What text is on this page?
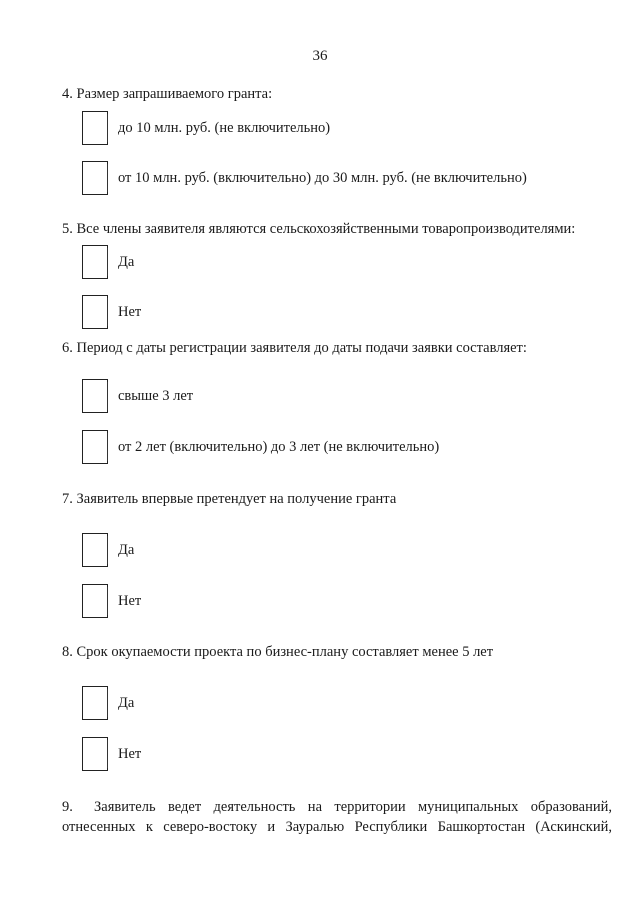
36
4. Размер запрашиваемого гранта:
до 10 млн. руб. (не включительно)
от 10 млн. руб. (включительно) до 30 млн. руб. (не включительно)
5. Все члены заявителя являются сельскохозяйственными товаропроизводителями:
Да
Нет
6. Период с даты регистрации заявителя до даты подачи заявки составляет:
свыше 3 лет
от 2 лет (включительно) до 3 лет (не включительно)
7. Заявитель впервые претендует на получение гранта
Да
Нет
8. Срок окупаемости проекта по бизнес-плану составляет менее 5 лет
Да
Нет
9. Заявитель ведет деятельность на территории муниципальных образований,
отнесенных к северо-востоку и Зауралью Республики Башкортостан (Аскинский,
